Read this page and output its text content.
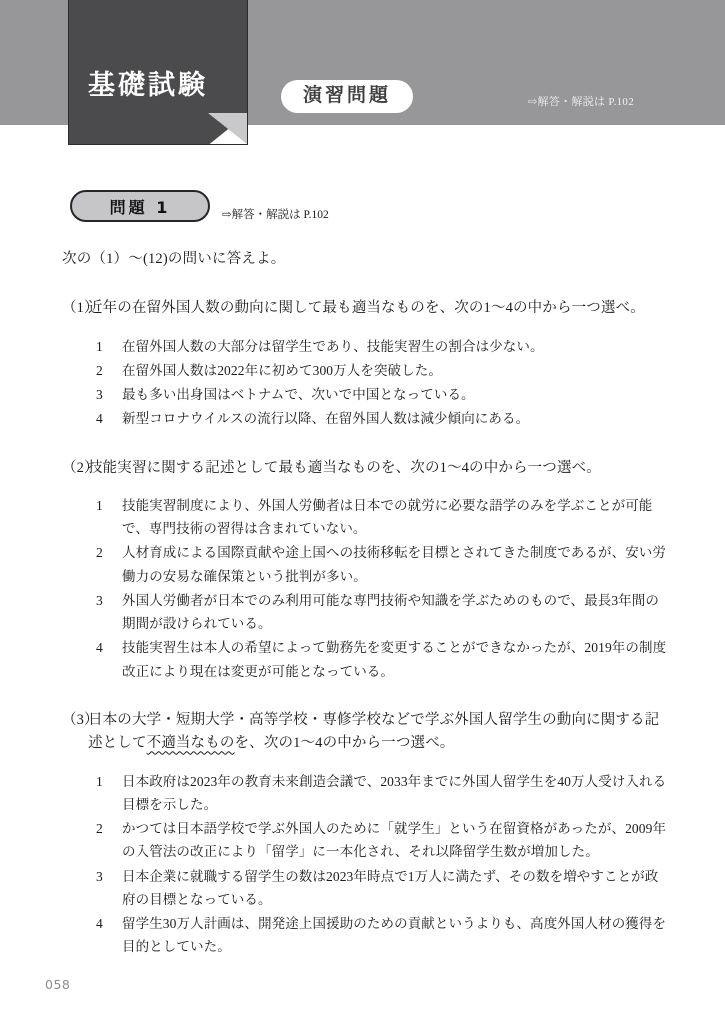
基礎試験	演習問題	⇨解答・解説は P.102
問題 1	⇨解答・解説は P.102

次の（1）〜(12)の問いに答えよ。

（1）近年の在留外国人数の動向に関して最も適当なものを、次の1〜4の中から一つ選べ。

1	在留外国人数の大部分は留学生であり、技能実習生の割合は少ない。
2	在留外国人数は2022年に初めて300万人を突破した。
3	最も多い出身国はベトナムで、次いで中国となっている。
4	新型コロナウイルスの流行以降、在留外国人数は減少傾向にある。

（2）技能実習に関する記述として最も適当なものを、次の1〜4の中から一つ選べ。

1	技能実習制度により、外国人労働者は日本での就労に必要な語学のみを学ぶことが可能で、専門技術の習得は含まれていない。
2	人材育成による国際貢献や途上国への技術移転を目標とされてきた制度であるが、安い労働力の安易な確保策という批判が多い。
3	外国人労働者が日本でのみ利用可能な専門技術や知識を学ぶためのもので、最長3年間の期間が設けられている。
4	技能実習生は本人の希望によって勤務先を変更することができなかったが、2019年の制度改正により現在は変更が可能となっている。

（3）日本の大学・短期大学・高等学校・専修学校などで学ぶ外国人留学生の動向に関する記述として不適当なものを、次の1〜4の中から一つ選べ。

1	日本政府は2023年の教育未来創造会議で、2033年までに外国人留学生を40万人受け入れる目標を示した。
2	かつては日本語学校で学ぶ外国人のために「就学生」という在留資格があったが、2009年の入管法の改正により「留学」に一本化され、それ以降留学生数が増加した。
3	日本企業に就職する留学生の数は2023年時点で1万人に満たず、その数を増やすことが政府の目標となっている。
4	留学生30万人計画は、開発途上国援助のための貢献というよりも、高度外国人材の獲得を目的としていた。
058
